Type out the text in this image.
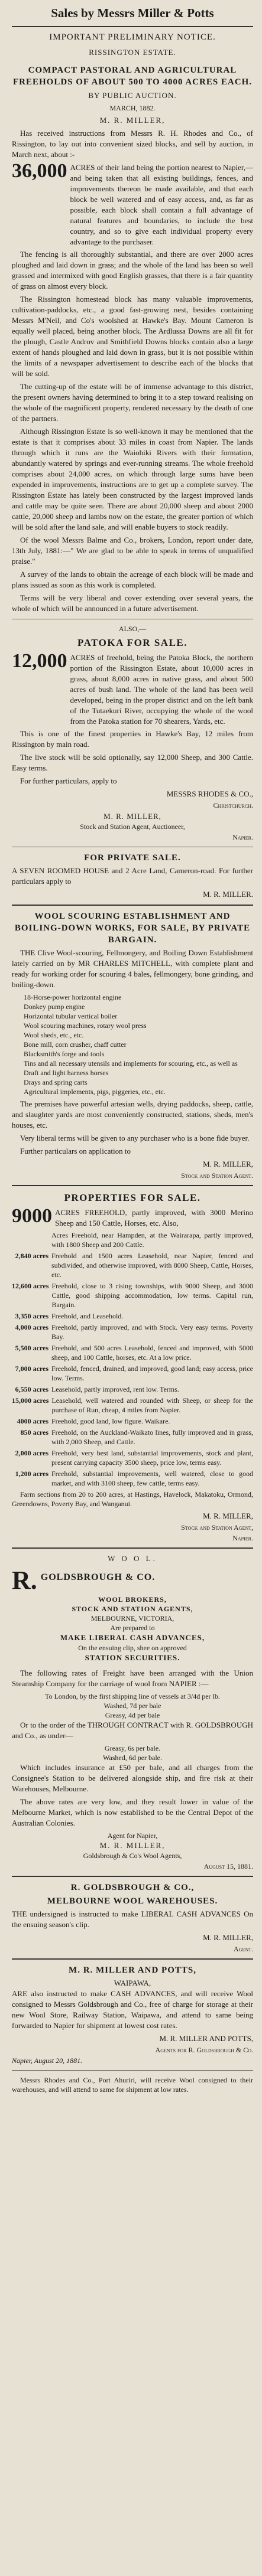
Sales by Messrs Miller & Potts
IMPORTANT PRELIMINARY NOTICE.
RISSINGTON ESTATE.
COMPACT PASTORAL AND AGRICULTURAL FREEHOLDS OF ABOUT 500 TO 4000 ACRES EACH.
BY PUBLIC AUCTION.
MARCH, 1882.
M. R. MILLER,

Has received instructions from Messrs R. H. Rhodes and Co., of Rissington, to lay out into convenient sized blocks, and sell by auction, in March next, about :-

36,000 ACRES of their land being the portion nearest to Napier,—and being taken that all existing buildings, fences, and improvements thereon be made available, and that each block be well watered and of easy access, and, as far as possible, each block shall contain a full advantage of natural features and boundaries, to include the best country, and so to give each individual property every advantage to the purchaser.

The fencing is all thoroughly substantial, and there are over 2000 acres ploughed and laid down in grass; and the whole of the land has been so well grassed and intermixed with good English grasses, that there is a fair quantity of grass on almost every block.

The Rissington homestead block has many valuable improvements, cultivation-paddocks, etc., a good fast-growing nest, besides containing Messrs M'Neil, and Co's woolshed at Hawke's Bay. Mount Cameron is equally well placed, being another block. The Ardlussa Downs are all fit for the plough, Castle Androv and Smithfield Downs blocks contain also a large extent of hands ploughed and laid down in grass, but it is not possible within the limits of a newspaper advertisement to describe each of the blocks that will be sold.

The cutting-up of the estate will be of immense advantage to this district, the present owners having determined to bring it to a step toward realising on the whole of the magnificent property, rendered necessary by the death of one of the partners.

Although Rissington Estate is so well-known it may be mentioned that the estate is that it comprises about 33 miles in coast from Napier. The lands through which it runs are the Waiohiki Rivers with their formation, abundantly watered by springs and ever-running streams. The whole freehold comprises about 24,000 acres, on which through large sums have been expended in improvements, instructions are to get up a complete survey. The Rissington Estate has lately been constructed by the largest improved lands and cattle may be quite seen. There are about 20,000 sheep and about 2000 cattle, 20,000 sheep and lambs now on the estate, the greater portion of which will be sold after the land sale, and will enable buyers to stock readily.

Of the wool Messrs Balme and Co., brokers, London, report under date, 13th July, 1881:—" We are glad to be able to speak in terms of unqualified praise."

A survey of the lands to obtain the acreage of each block will be made and plans issued as soon as this work is completed.

Terms will be very liberal and cover extending over several years, the whole of which will be announced in a future advertisement.

ALSO,—
PATOKA FOR SALE.
12,000 ACRES of freehold, being the Patoka Block, the northern portion of the Rissington Estate, about 10,000 acres in grass, about 8,000 acres in native grass, and about 500 acres of bush land. The whole of the land has been well developed, being in the proper district and on the left bank of the Tutaekuri River, occupying the whole of the wool from the Patoka station for 70 shearers, Yards, etc.

This is one of the finest properties in Hawke's Bay, 12 miles from Rissington by main road.

The live stock will be sold optionally, say 12,000 Sheep, and 300 Cattle. Easy terms.

For further particulars, apply to

MESSRS RHODES & CO.,
Christchurch.
M. R. MILLER,
Stock and Station Agent, Auctioneer,
Napier.
FOR PRIVATE SALE.

A SEVEN ROOMED HOUSE and 2 Acre Land, Cameron-road. For further particulars apply to

M. R. MILLER.
WOOL SCOURING ESTABLISHMENT AND BOILING-DOWN WORKS, FOR SALE, BY PRIVATE BARGAIN.

THE Clive Wool-scouring, Fellmongery, and Boiling Down Establishment lately carried on by MR CHARLES MITCHELL, with complete plant and ready for working order for scouring 4 bales, fellmongery, bone grinding, and boiling-down.

18-Horse-power horizontal engine
Donkey pump engine
Horizontal tubular vertical boiler
Wool scouring machines, rotary wool press
Wool sheds, etc., etc.
Bone mill, corn crusher, chaff cutter
Blacksmith's forge and tools
Tins and all necessary utensils and implements for scouring, etc., as well as
Draft and light harness horses
Drays and spring carts
Agricultural implements, pigs, piggeries, etc., etc.

The premises have powerful artesian wells, drying paddocks, sheep, cattle, and slaughter yards are most conveniently constructed, stations, sheds, men's houses, etc.

Very liberal terms will be given to any purchaser who is a bone fide buyer.

Further particulars on application to

M. R. MILLER,
Stock and Station Agent.
PROPERTIES FOR SALE.
9000 ACRES FREEHOLD, partly improved, with 3000 Merino Sheep and 150 Cattle, Horses, etc. Also,
Acres Freehold, near Hampden, at the Wairarapa, partly improved, with 1800 Sheep and 200 Cattle.
2,840 acres Freehold and 1500 acres Leasehold, near Napier, fenced and subdivided, and otherwise improved, with 8000 Sheep, Cattle, Horses, etc.
12,600 acres Freehold, close to 3 rising townships, with 9000 Sheep, and 3000 Cattle, good shipping accommodation, low terms. Capital run, Bargain.
3,350 acres Freehold, and Leasehold.
4,000 acres Freehold, partly improved, and with Stock. Very easy terms. Poverty Bay.
5,500 acres Freehold, and 500 acres Leasehold, fenced and improved, with 5000 sheep, and 100 Cattle, horses, etc. At a low price.
7,000 acres Freehold, fenced, drained, and improved, good land; easy access, price low. Terms.
6,550 acres Leasehold, partly improved, rent low. Terms.
15,000 acres Leasehold, well watered and rounded with Sheep, or sheep for the purchase of Run, cheap, 4 miles from Napier.
4000 acres Freehold, good land, low figure. Waikare.
850 acres Freehold, on the Auckland-Waikato lines, fully improved and in grass, with 2,000 Sheep, and Cattle.
2,000 acres Freehold, very best land, substantial improvements, stock and plant, present carrying capacity 3500 sheep, price low, terms easy.
1,200 acres Freehold, substantial improvements, well watered, close to good market, and with 3100 sheep, few cattle, terms easy.

Farm sections from 20 to 200 acres, at Hastings, Havelock, Makatoku, Ormond, Greendowns, Poverty Bay, and Wanganui.

M. R. MILLER,
Stock and Station Agent,
Napier.
W O O L.
R. GOLDSBROUGH & CO.
WOOL BROKERS,
STOCK AND STATION AGENTS,
MELBOURNE, VICTORIA,
Are prepared to
MAKE LIBERAL CASH ADVANCES,
On the ensuing clip, shee on approved
STATION SECURITIES.

The following rates of Freight have been arranged with the Union Steamship Company for the carriage of wool from NAPIER :—

To London, by the first shipping line of vessels at 3/4d per lb.
Washed, 7d per bale
Greasy, 4d per bale

Or to the order of the THROUGH CONTRACT with R. GOLDSBROUGH and Co., as under—

Greasy, 6s per bale.
Washed, 6d per bale.

Which includes insurance at £50 per bale, and all charges from the Consignee's Station to be delivered alongside ship, and fire risk at their Warehouses, Melbourne.

The above rates are very low, and they result lower in value of the Melbourne Market, which is now established to be the Central Depot of the Australian Colonies.

Agent for Napier,
M. R. MILLER,
Goldsbrough & Co's Wool Agents,
August 15, 1881.
R. GOLDSBROUGH & CO.,
MELBOURNE WOOL WAREHOUSES.

THE undersigned is instructed to make LIBERAL CASH ADVANCES On the ensuing season's clip.

M. R. MILLER,
Agent.
M. R. MILLER AND POTTS,
WAIPAWA,

ARE also instructed to make CASH ADVANCES, and will receive Wool consigned to Messrs Goldsbrough and Co., free of charge for storage at their new Wool Store, Railway Station, Waipawa, and attend to same being forwarded to Napier for shipment at lowest cost rates.

M. R. MILLER AND POTTS,
Agents for R. Goldsbrough & Co.
Napier, August 20, 1881.

Messrs Rhodes and Co., Port Ahuriri, will receive Wool consigned to their warehouses, and will attend to same for shipment at low rates.
